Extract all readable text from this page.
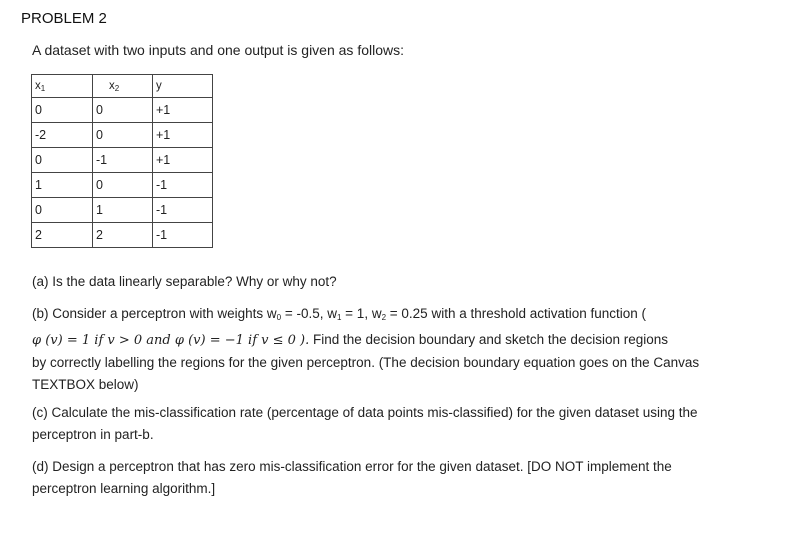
PROBLEM 2
A dataset with two inputs and one output is given as follows:
$x_1$	$x_2$	y
0	0	+1
-2	0	+1
0	-1	+1
1	0	-1
0	1	-1
2	2	-1
(a) Is the data linearly separable? Why or why not?
(b) Consider a perceptron with weights $w_0 = -0.5$, $w_1 = 1$, $w_2 = 0.25$ with a threshold activation function (
φ (v) = 1 if v > 0 and φ (v) = −1 if v ≤ 0 ). Find the decision boundary and sketch the decision regions
by correctly labelling the regions for the given perceptron. (The decision boundary equation goes on the Canvas
TEXTBOX below)
(c) Calculate the mis-classification rate (percentage of data points mis-classified) for the given dataset using the
perceptron in part-b.
(d) Design a perceptron that has zero mis-classification error for the given dataset. [DO NOT implement the
perceptron learning algorithm.]
